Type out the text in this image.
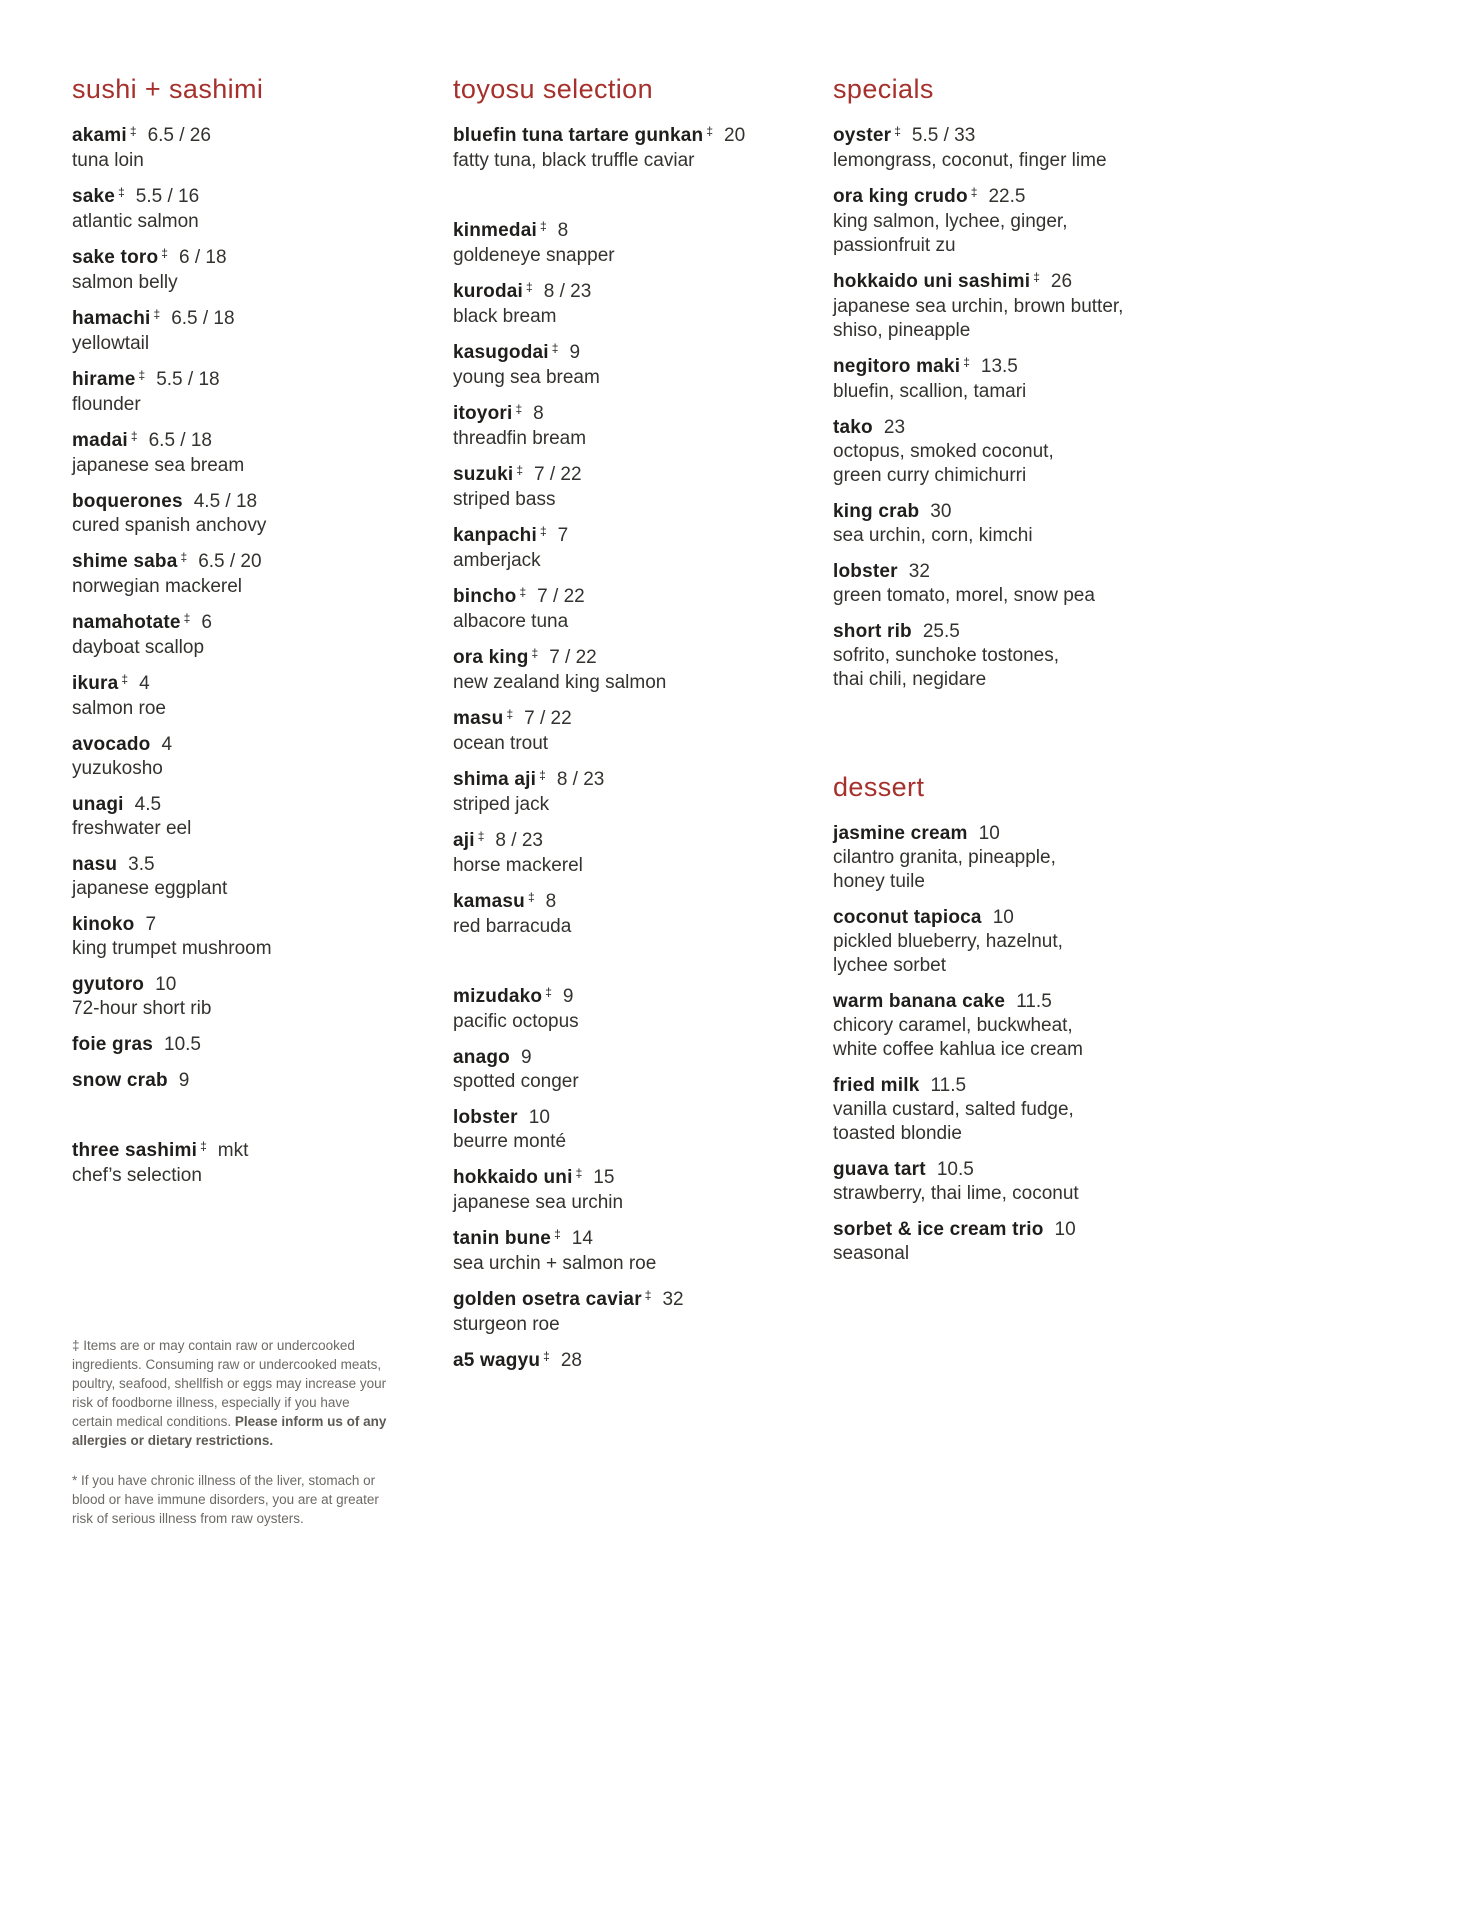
sushi + sashimi
akami ‡ 6.5 / 26
tuna loin
sake ‡ 5.5 / 16
atlantic salmon
sake toro ‡ 6 / 18
salmon belly
hamachi ‡ 6.5 / 18
yellowtail
hirame ‡ 5.5 / 18
flounder
madai ‡ 6.5 / 18
japanese sea bream
boquerones 4.5 / 18
cured spanish anchovy
shime saba ‡ 6.5 / 20
norwegian mackerel
namahotate ‡ 6
dayboat scallop
ikura ‡ 4
salmon roe
avocado 4
yuzukosho
unagi 4.5
freshwater eel
nasu 3.5
japanese eggplant
kinoko 7
king trumpet mushroom
gyutoro 10
72-hour short rib
foie gras 10.5
snow crab 9
three sashimi ‡ mkt
chef’s selection

‡ Items are or may contain raw or undercooked ingredients. Consuming raw or undercooked meats, poultry, seafood, shellfish or eggs may increase your risk of foodborne illness, especially if you have certain medical conditions. Please inform us of any allergies or dietary restrictions.

* If you have chronic illness of the liver, stomach or blood or have immune disorders, you are at greater risk of serious illness from raw oysters.

toyosu selection
bluefin tuna tartare gunkan ‡ 20
fatty tuna, black truffle caviar
kinmedai ‡ 8
goldeneye snapper
kurodai ‡ 8 / 23
black bream
kasugodai ‡ 9
young sea bream
itoyori ‡ 8
threadfin bream
suzuki ‡ 7 / 22
striped bass
kanpachi ‡ 7
amberjack
bincho ‡ 7 / 22
albacore tuna
ora king ‡ 7 / 22
new zealand king salmon
masu ‡ 7 / 22
ocean trout
shima aji ‡ 8 / 23
striped jack
aji ‡ 8 / 23
horse mackerel
kamasu ‡ 8
red barracuda
mizudako ‡ 9
pacific octopus
anago 9
spotted conger
lobster 10
beurre monté
hokkaido uni ‡ 15
japanese sea urchin
tanin bune ‡ 14
sea urchin + salmon roe
golden osetra caviar ‡ 32
sturgeon roe
a5 wagyu ‡ 28
specials
oyster ‡ 5.5 / 33
lemongrass, coconut, finger lime
ora king crudo ‡ 22.5
king salmon, lychee, ginger,
passionfruit zu
hokkaido uni sashimi ‡ 26
japanese sea urchin, brown butter,
shiso, pineapple
negitoro maki ‡ 13.5
bluefin, scallion, tamari
tako 23
octopus, smoked coconut,
green curry chimichurri
king crab 30
sea urchin, corn, kimchi
lobster 32
green tomato, morel, snow pea
short rib 25.5
sofrito, sunchoke tostones,
thai chili, negidare
dessert
jasmine cream 10
cilantro granita, pineapple,
honey tuile
coconut tapioca 10
pickled blueberry, hazelnut,
lychee sorbet
warm banana cake 11.5
chicory caramel, buckwheat,
white coffee kahlua ice cream
fried milk 11.5
vanilla custard, salted fudge,
toasted blondie
guava tart 10.5
strawberry, thai lime, coconut
sorbet & ice cream trio 10
seasonal
